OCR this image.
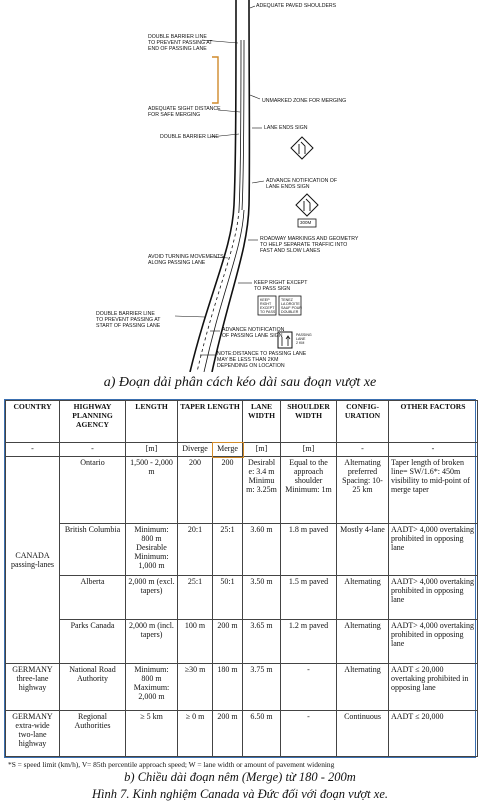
ADEQUATE PAVED SHOULDERS
DOUBLE BARRIER LINE
TO PREVENT PASSING AT
END OF PASSING LANE
UNMARKED ZONE FOR MERGING
ADEQUATE SIGHT DISTANCE
FOR SAFE MERGING
LANE ENDS SIGN
DOUBLE BARRIER LINE
ADVANCE NOTIFICATION OF
LANE ENDS SIGN
300M
ROADWAY MARKINGS AND GEOMETRY
TO HELP SEPARATE TRAFFIC INTO
FAST AND SLOW LANES
AVOID TURNING MOVEMENTS
ALONG PASSING LANE
KEEP RIGHT EXCEPT
TO PASS SIGN
KEEP
RIGHT
EXCEPT
TO PASS
TENEZ
LA DROITE
SAUF POUR
DOUBLER
DOUBLE BARRIER LINE
TO PREVENT PASSING AT
START OF PASSING LANE
ADVANCE NOTIFICATION
OF PASSING LANE SIGN	PASSING
LANE
2 KM
NOTE:DISTANCE TO PASSING LANE
MAY BE LESS THAN 2KM
DEPENDING ON LOCATION
a) Đoạn dải phân cách kéo dài sau đoạn vượt xe
COUNTRY	HIGHWAY PLANNING AGENCY	LENGTH	TAPER LENGTH		LANE WIDTH	SHOULDER WIDTH	CONFIG-URATION	OTHER FACTORS
-	-	[m]	Diverge	Merge	[m]	[m]	-	-
CANADA passing-lanes	Ontario	1,500 - 2,000 m	200	200	Desirabl e: 3.4 m Minimu m: 3.25m	Equal to the approach shoulder Minimum: 1m	Alternating preferred Spacing: 10- 25 km	Taper length of broken line= SW/1.6*: 450m visibility to mid-point of merge taper
	British Columbia	Minimum: 800 m Desirable Minimum: 1,000 m	20:1	25:1	3.60 m	1.8 m paved	Mostly 4-lane	AADT> 4,000 overtaking prohibited in opposing lane
	Alberta	2,000 m (excl. tapers)	25:1	50:1	3.50 m	1.5 m paved	Alternating	AADT> 4,000 overtaking prohibited in opposing lane
	Parks Canada	2,000 m (incl. tapers)	100 m	200 m	3.65 m	1.2 m paved	Alternating	AADT> 4,000 overtaking prohibited in opposing lane
GERMANY three-lane highway	National Road Authority	Minimum: 800 m Maximum: 2,000 m	≥30 m	180 m	3.75 m	-	Alternating	AADT ≤ 20,000 overtaking prohibited in opposing lane
GERMANY extra-wide two-lane highway	Regional Authorities	≥ 5 km	≥ 0 m	200 m	6.50 m	-	Continuous	AADT ≤ 20,000
*S = speed limit (km/h), V= 85th percentile approach speed; W = lane width or amount of pavement widening
b) Chiều dài đoạn nêm (Merge) từ 180 - 200m
Hình 7. Kinh nghiệm Canada và Đức đối với đoạn vượt xe.
